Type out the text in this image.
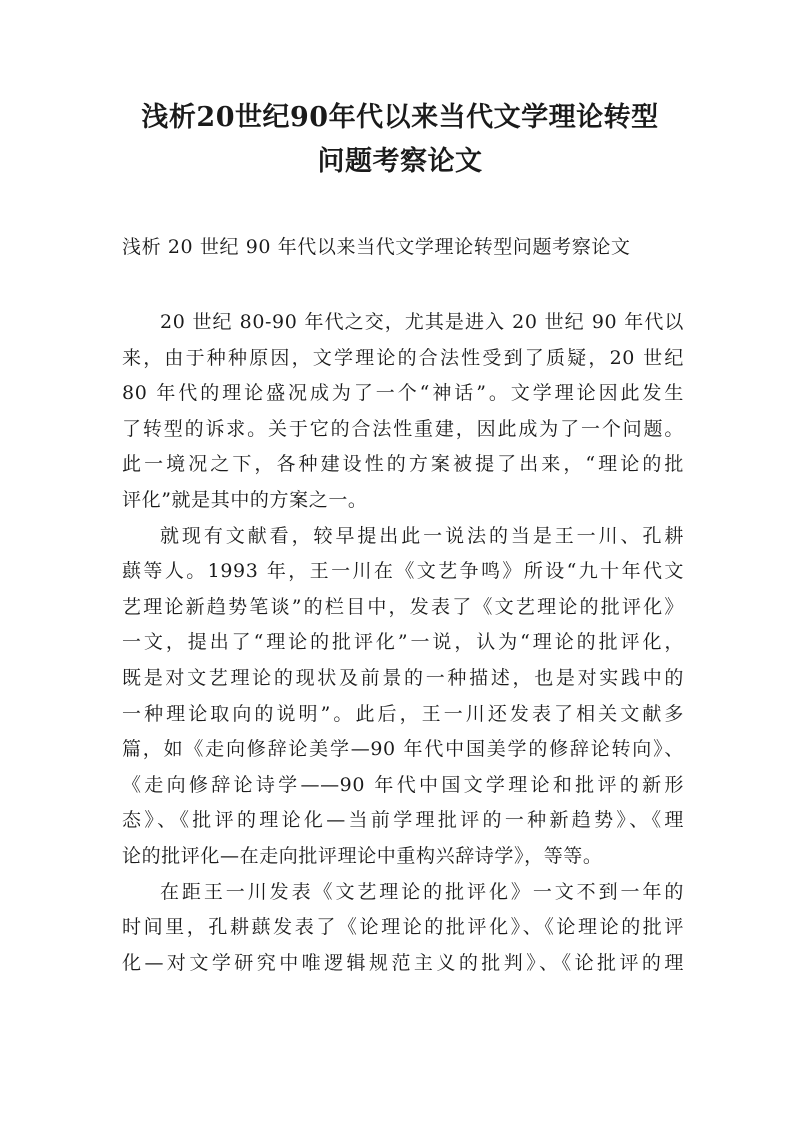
浅析20世纪90年代以来当代文学理论转型
问题考察论文

浅析 20 世纪 90 年代以来当代文学理论转型问题考察论文

20 世纪 80-90 年代之交，尤其是进入 20 世纪 90 年代以
来，由于种种原因，文学理论的合法性受到了质疑，20 世纪
80 年代的理论盛况成为了一个“神话”。文学理论因此发生
了转型的诉求。关于它的合法性重建，因此成为了一个问题。
此一境况之下，各种建设性的方案被提了出来，“理论的批
评化”就是其中的方案之一。

就现有文献看，较早提出此一说法的当是王一川、孔耕
蕻等人。1993 年，王一川在《文艺争鸣》所设“九十年代文
艺理论新趋势笔谈”的栏目中，发表了《文艺理论的批评化》
一文，提出了“理论的批评化”一说，认为“理论的批评化，
既是对文艺理论的现状及前景的一种描述，也是对实践中的
一种理论取向的说明”。此后，王一川还发表了相关文献多
篇，如《走向修辞论美学—90 年代中国美学的修辞论转向》、
《走向修辞论诗学——90 年代中国文学理论和批评的新形
态》、《批评的理论化—当前学理批评的一种新趋势》、《理
论的批评化—在走向批评理论中重构兴辞诗学》，等等。

在距王一川发表《文艺理论的批评化》一文不到一年的
时间里，孔耕蕻发表了《论理论的批评化》、《论理论的批评
化—对文学研究中唯逻辑规范主义的批判》、《论批评的理
